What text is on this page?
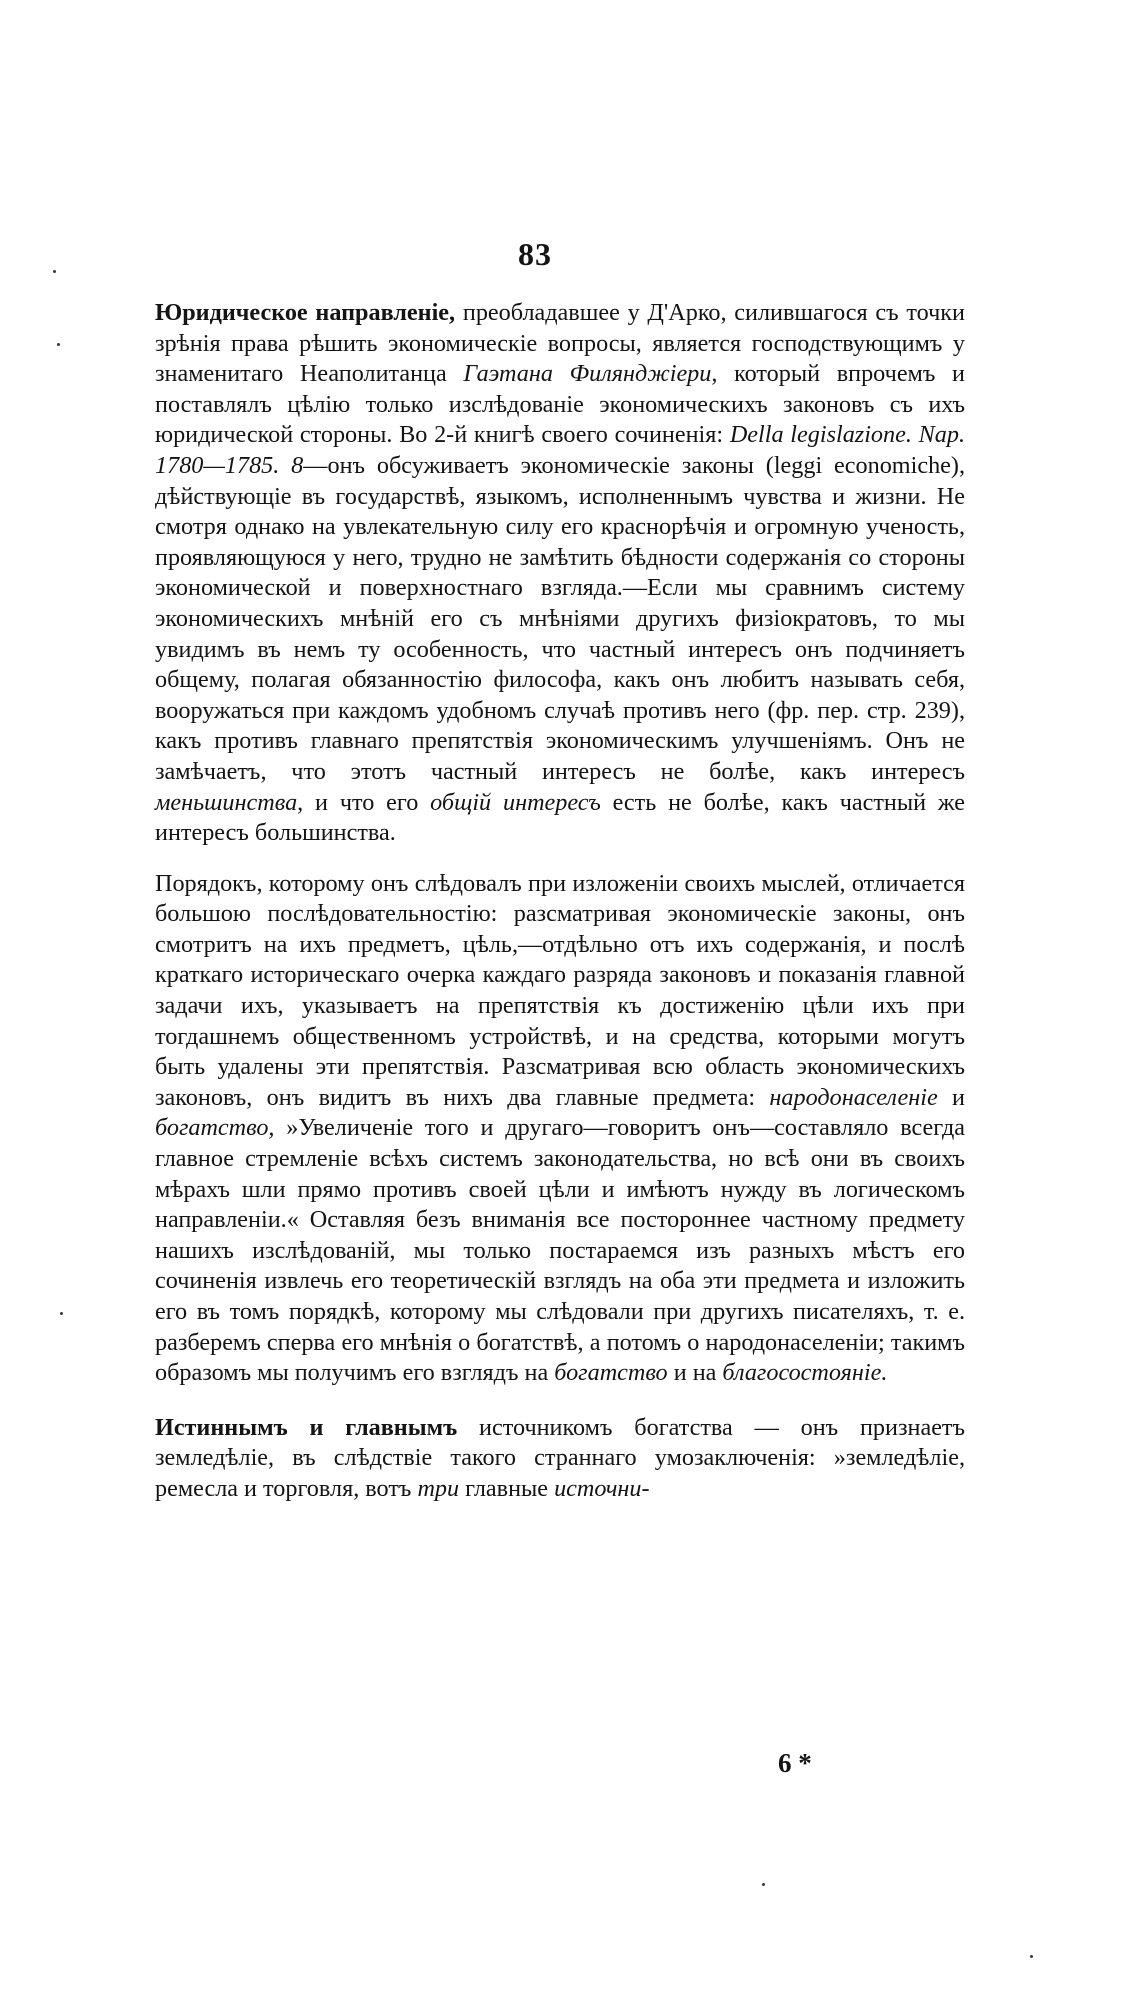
83

Юридическое направленіе, преобладавшее у Д'Арко, силившагося съ точки зрѣнія права рѣшить экономическіе вопросы, является господствующимъ у знаменитаго Неаполитанца Гаэтана Филянджіери, который впрочемъ и поставлялъ цѣлію только изслѣдованіе экономическихъ законовъ съ ихъ юридической стороны. Во 2-й книгѣ своего сочиненія: Della legislazione. Nap. 1780—1785. 8—онъ обсуживаетъ экономическіе законы (leggi economiche), дѣйствующіе въ государствѣ, языкомъ, исполненнымъ чувства и жизни. Не смотря однако на увлекательную силу его краснорѣчія и огромную ученость, проявляющуюся у него, трудно не замѣтить бѣдности содержанія со стороны экономической и поверхностнаго взгляда.—Если мы сравнимъ систему экономическихъ мнѣній его съ мнѣніями другихъ физіократовъ, то мы увидимъ въ немъ ту особенность, что частный интересъ онъ подчиняетъ общему, полагая обязанностію философа, какъ онъ любитъ называть себя, вооружаться при каждомъ удобномъ случаѣ противъ него (фр. пер. стр. 239), какъ противъ главнаго препятствія экономическимъ улучшеніямъ. Онъ не замѣчаетъ, что этотъ частный интересъ не болѣе, какъ интересъ меньшинства, и что его общій интересъ есть не болѣе, какъ частный же интересъ большинства.

Порядокъ, которому онъ слѣдовалъ при изложеніи своихъ мыслей, отличается большою послѣдовательностію: разсматривая экономическіе законы, онъ смотритъ на ихъ предметъ, цѣль,—отдѣльно отъ ихъ содержанія, и послѣ краткаго историческаго очерка каждаго разряда законовъ и показанія главной задачи ихъ, указываетъ на препятствія къ достиженію цѣли ихъ при тогдашнемъ общественномъ устройствѣ, и на средства, которыми могутъ быть удалены эти препятствія. Разсматривая всю область экономическихъ законовъ, онъ видитъ въ нихъ два главные предмета: народонаселеніе и богатство, »Увеличеніе того и другаго—говоритъ онъ—составляло всегда главное стремленіе всѣхъ системъ законодательства, но всѣ они въ своихъ мѣрахъ шли прямо противъ своей цѣли и имѣютъ нужду въ логическомъ направленіи.« Оставляя безъ вниманія все постороннее частному предмету нашихъ изслѣдованій, мы только постараемся изъ разныхъ мѣстъ его сочиненія извлечь его теоретическій взглядъ на оба эти предмета и изложить его въ томъ порядкѣ, которому мы слѣдовали при другихъ писателяхъ, т. е. разберемъ сперва его мнѣнія о богатствѣ, а потомъ о народонаселеніи; такимъ образомъ мы получимъ его взглядъ на богатство и на благосостояніе.

Истиннымъ и главнымъ источникомъ богатства — онъ признаетъ земледѣліе, въ слѣдствіе такого страннаго умозаключенія: »земледѣліе, ремесла и торговля, вотъ три главные источни-

6 *
